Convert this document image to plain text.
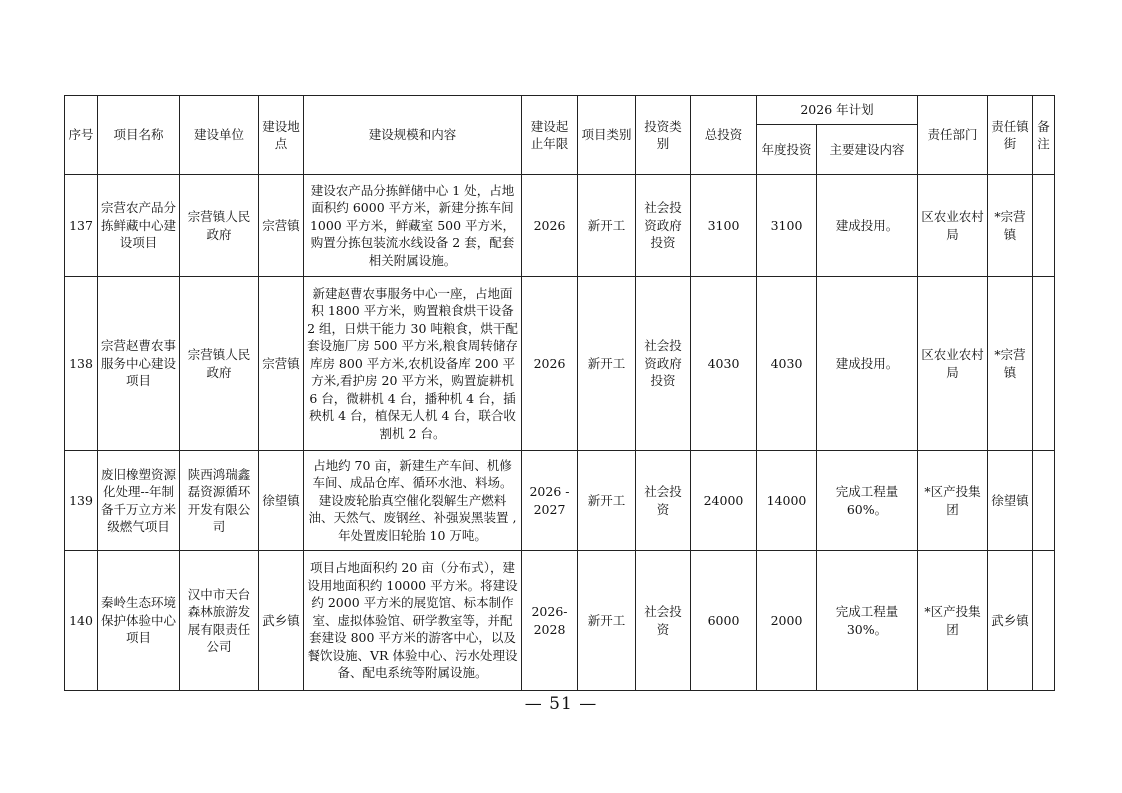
序号	项目名称	建设单位	建设地点	建设规模和内容	建设起止年限	项目类别	投资类别	总投资	2026 年计划		责任部门	责任镇街	备注
									年度投资	主要建设内容			
137	宗营农产品分拣鲜藏中心建设项目	宗营镇人民政府	宗营镇	建设农产品分拣鲜储中心 1 处，占地面积约 6000 平方米，新建分拣车间 1000 平方米，鲜藏室 500 平方米，购置分拣包装流水线设备 2 套，配套相关附属设施。	2026	新开工	社会投资政府投资	3100	3100	建成投用。	区农业农村局	*宗营镇	
138	宗营赵曹农事服务中心建设项目	宗营镇人民政府	宗营镇	新建赵曹农事服务中心一座，占地面积 1800 平方米，购置粮食烘干设备 2 组，日烘干能力 30 吨粮食，烘干配套设施厂房 500 平方米,粮食周转储存库房 800 平方米,农机设备库 200 平方米,看护房 20 平方米，购置旋耕机 6 台，微耕机 4 台，播种机 4 台，插秧机 4 台，植保无人机 4 台，联合收割机 2 台。	2026	新开工	社会投资政府投资	4030	4030	建成投用。	区农业农村局	*宗营镇	
139	废旧橡塑资源化处理--年制备千万立方米级燃气项目	陕西鸿瑞鑫磊资源循环开发有限公司	徐望镇	占地约 70 亩，新建生产车间、机修车间、成品仓库、循环水池、料场。建设废轮胎真空催化裂解生产燃料油、天然气、废钢丝、补强炭黑装置 ,年处置废旧轮胎 10 万吨。	2026 - 2027	新开工	社会投资	24000	14000	完成工程量 60%。	*区产投集团	徐望镇	
140	秦岭生态环境保护体验中心项目	汉中市天台森林旅游发展有限责任公司	武乡镇	项目占地面积约 20 亩（分布式），建设用地面积约 10000 平方米。将建设约 2000 平方米的展览馆、标本制作室、虚拟体验馆、研学教室等，并配套建设 800 平方米的游客中心，以及餐饮设施、VR 体验中心、污水处理设备、配电系统等附属设施。	2026-2028	新开工	社会投资	6000	2000	完成工程量 30%。	*区产投集团	武乡镇	
— 51 —
